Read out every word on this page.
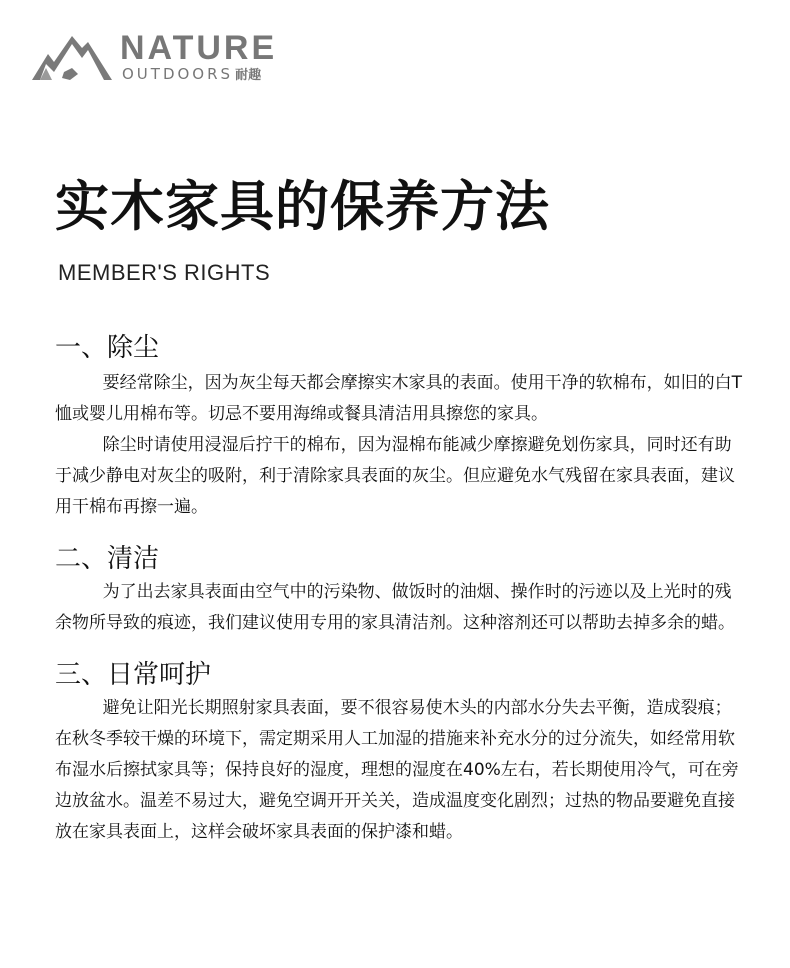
NATURE
OUTDOORS 耐趣
实木家具的保养方法
MEMBER'S RIGHTS
一、除尘

要经常除尘，因为灰尘每天都会摩擦实木家具的表面。使用干净的软棉布，如旧的白T恤或婴儿用棉布等。切忌不要用海绵或餐具清洁用具擦您的家具。

除尘时请使用浸湿后拧干的棉布，因为湿棉布能减少摩擦避免划伤家具，同时还有助于减少静电对灰尘的吸附，利于清除家具表面的灰尘。但应避免水气残留在家具表面，建议用干棉布再擦一遍。

二、清洁

为了出去家具表面由空气中的污染物、做饭时的油烟、操作时的污迹以及上光时的残余物所导致的痕迹，我们建议使用专用的家具清洁剂。这种溶剂还可以帮助去掉多余的蜡。

三、日常呵护

避免让阳光长期照射家具表面，要不很容易使木头的内部水分失去平衡，造成裂痕；在秋冬季较干燥的环境下，需定期采用人工加湿的措施来补充水分的过分流失，如经常用软布湿水后擦拭家具等；保持良好的湿度，理想的湿度在40%左右，若长期使用冷气，可在旁边放盆水。温差不易过大，避免空调开开关关，造成温度变化剧烈；过热的物品要避免直接放在家具表面上，这样会破坏家具表面的保护漆和蜡。
